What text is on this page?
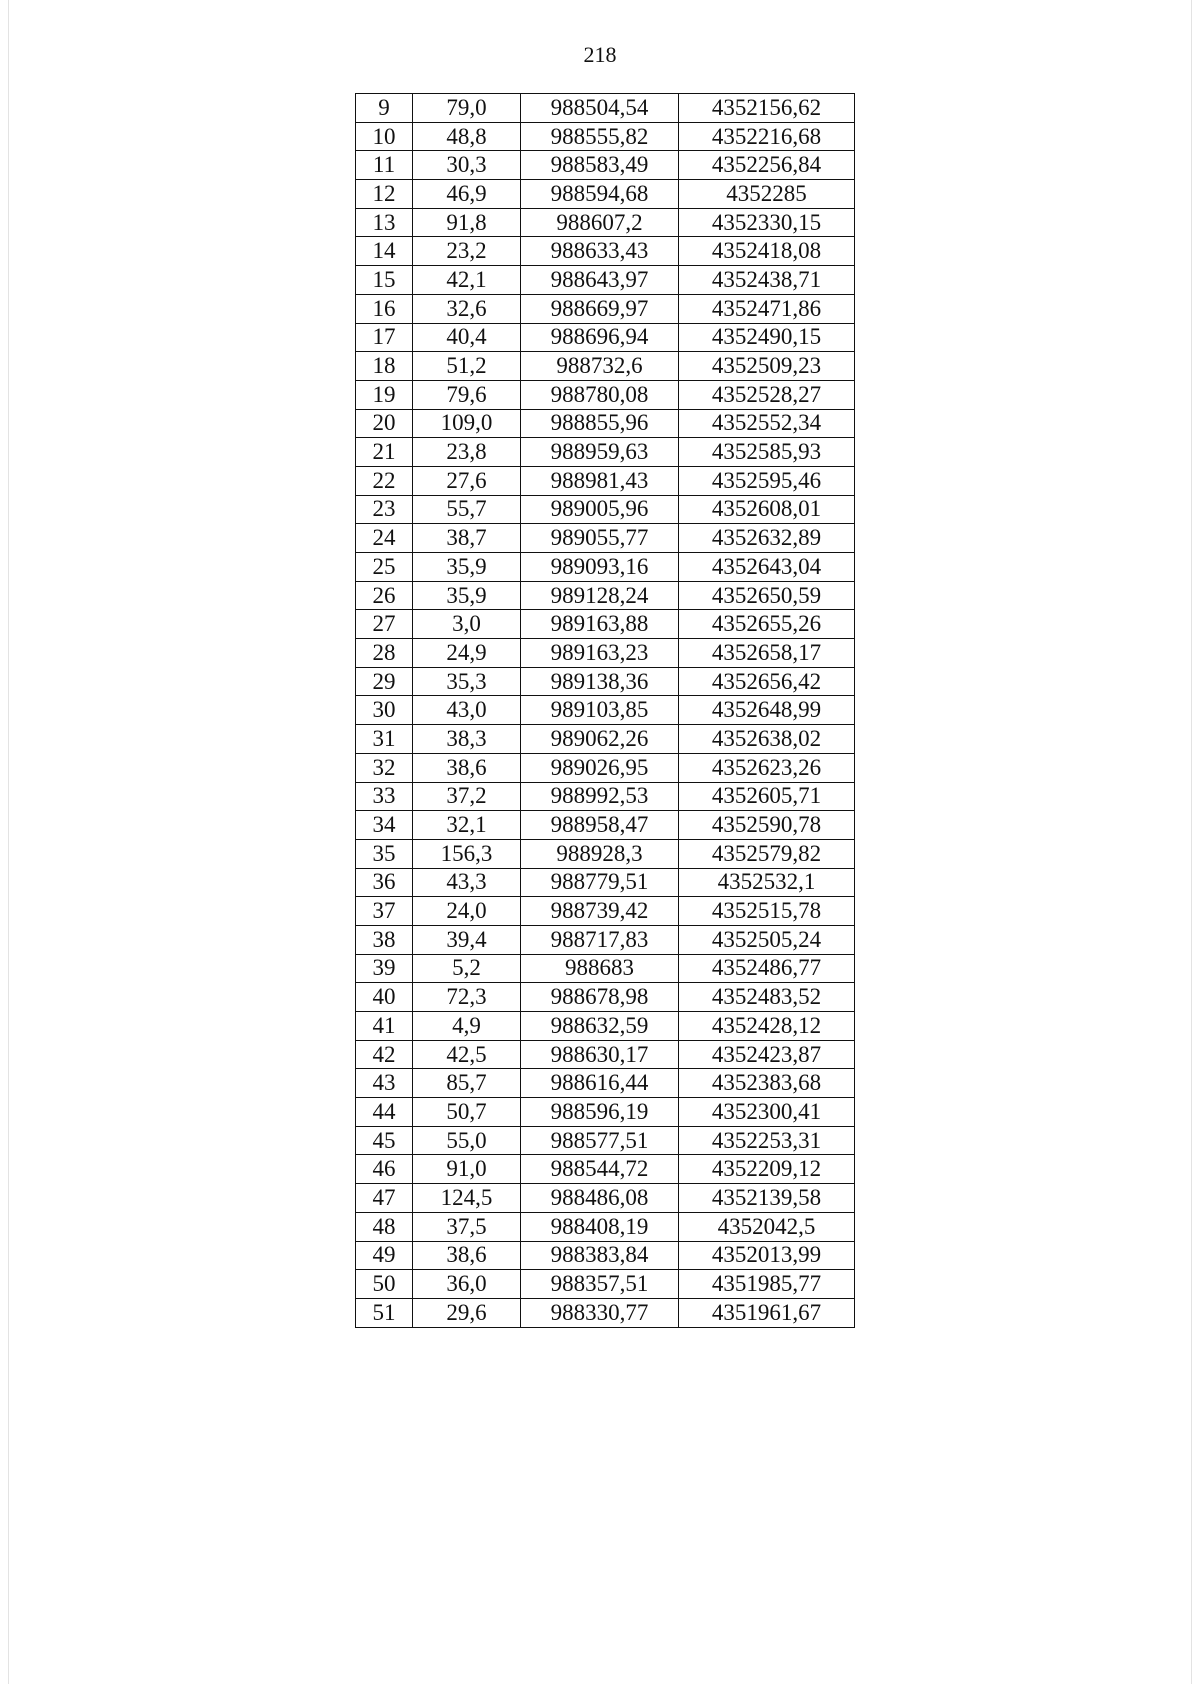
218
9	79,0	988504,54	4352156,62
10	48,8	988555,82	4352216,68
11	30,3	988583,49	4352256,84
12	46,9	988594,68	4352285
13	91,8	988607,2	4352330,15
14	23,2	988633,43	4352418,08
15	42,1	988643,97	4352438,71
16	32,6	988669,97	4352471,86
17	40,4	988696,94	4352490,15
18	51,2	988732,6	4352509,23
19	79,6	988780,08	4352528,27
20	109,0	988855,96	4352552,34
21	23,8	988959,63	4352585,93
22	27,6	988981,43	4352595,46
23	55,7	989005,96	4352608,01
24	38,7	989055,77	4352632,89
25	35,9	989093,16	4352643,04
26	35,9	989128,24	4352650,59
27	3,0	989163,88	4352655,26
28	24,9	989163,23	4352658,17
29	35,3	989138,36	4352656,42
30	43,0	989103,85	4352648,99
31	38,3	989062,26	4352638,02
32	38,6	989026,95	4352623,26
33	37,2	988992,53	4352605,71
34	32,1	988958,47	4352590,78
35	156,3	988928,3	4352579,82
36	43,3	988779,51	4352532,1
37	24,0	988739,42	4352515,78
38	39,4	988717,83	4352505,24
39	5,2	988683	4352486,77
40	72,3	988678,98	4352483,52
41	4,9	988632,59	4352428,12
42	42,5	988630,17	4352423,87
43	85,7	988616,44	4352383,68
44	50,7	988596,19	4352300,41
45	55,0	988577,51	4352253,31
46	91,0	988544,72	4352209,12
47	124,5	988486,08	4352139,58
48	37,5	988408,19	4352042,5
49	38,6	988383,84	4352013,99
50	36,0	988357,51	4351985,77
51	29,6	988330,77	4351961,67
